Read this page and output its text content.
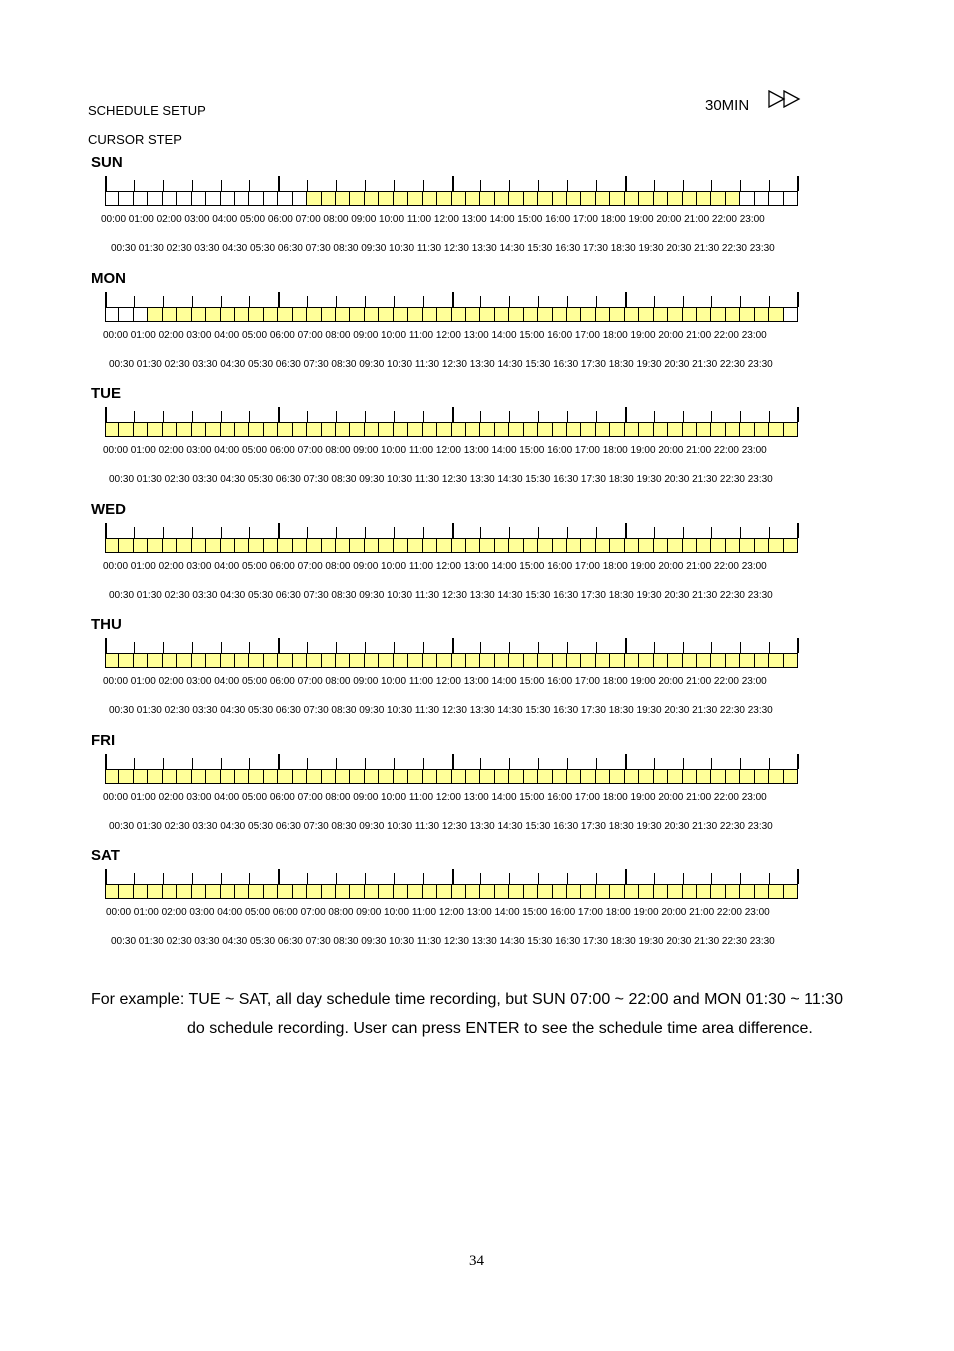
SCHEDULE SETUP
CURSOR STEP
30MIN
SUN
00:00 01:00 02:00 03:00 04:00 05:00 06:00 07:00 08:00 09:00 10:00 11:00 12:00 13:00 14:00 15:00 16:00 17:00 18:00 19:00 20:00 21:00 22:00 23:00
00:30 01:30 02:30 03:30 04:30 05:30 06:30 07:30 08:30 09:30 10:30 11:30 12:30 13:30 14:30 15:30 16:30 17:30 18:30 19:30 20:30 21:30 22:30 23:30
MON
00:00 01:00 02:00 03:00 04:00 05:00 06:00 07:00 08:00 09:00 10:00 11:00 12:00 13:00 14:00 15:00 16:00 17:00 18:00 19:00 20:00 21:00 22:00 23:00
00:30 01:30 02:30 03:30 04:30 05:30 06:30 07:30 08:30 09:30 10:30 11:30 12:30 13:30 14:30 15:30 16:30 17:30 18:30 19:30 20:30 21:30 22:30 23:30
TUE
00:00 01:00 02:00 03:00 04:00 05:00 06:00 07:00 08:00 09:00 10:00 11:00 12:00 13:00 14:00 15:00 16:00 17:00 18:00 19:00 20:00 21:00 22:00 23:00
00:30 01:30 02:30 03:30 04:30 05:30 06:30 07:30 08:30 09:30 10:30 11:30 12:30 13:30 14:30 15:30 16:30 17:30 18:30 19:30 20:30 21:30 22:30 23:30
WED
00:00 01:00 02:00 03:00 04:00 05:00 06:00 07:00 08:00 09:00 10:00 11:00 12:00 13:00 14:00 15:00 16:00 17:00 18:00 19:00 20:00 21:00 22:00 23:00
00:30 01:30 02:30 03:30 04:30 05:30 06:30 07:30 08:30 09:30 10:30 11:30 12:30 13:30 14:30 15:30 16:30 17:30 18:30 19:30 20:30 21:30 22:30 23:30
THU
00:00 01:00 02:00 03:00 04:00 05:00 06:00 07:00 08:00 09:00 10:00 11:00 12:00 13:00 14:00 15:00 16:00 17:00 18:00 19:00 20:00 21:00 22:00 23:00
00:30 01:30 02:30 03:30 04:30 05:30 06:30 07:30 08:30 09:30 10:30 11:30 12:30 13:30 14:30 15:30 16:30 17:30 18:30 19:30 20:30 21:30 22:30 23:30
FRI
00:00 01:00 02:00 03:00 04:00 05:00 06:00 07:00 08:00 09:00 10:00 11:00 12:00 13:00 14:00 15:00 16:00 17:00 18:00 19:00 20:00 21:00 22:00 23:00
00:30 01:30 02:30 03:30 04:30 05:30 06:30 07:30 08:30 09:30 10:30 11:30 12:30 13:30 14:30 15:30 16:30 17:30 18:30 19:30 20:30 21:30 22:30 23:30
SAT
00:00 01:00 02:00 03:00 04:00 05:00 06:00 07:00 08:00 09:00 10:00 11:00 12:00 13:00 14:00 15:00 16:00 17:00 18:00 19:00 20:00 21:00 22:00 23:00
00:30 01:30 02:30 03:30 04:30 05:30 06:30 07:30 08:30 09:30 10:30 11:30 12:30 13:30 14:30 15:30 16:30 17:30 18:30 19:30 20:30 21:30 22:30 23:30
For example: TUE ~ SAT, all day schedule time recording, but SUN 07:00 ~ 22:00 and MON 01:30 ~ 11:30
do schedule recording. User can press ENTER to see the schedule time area difference.
34
